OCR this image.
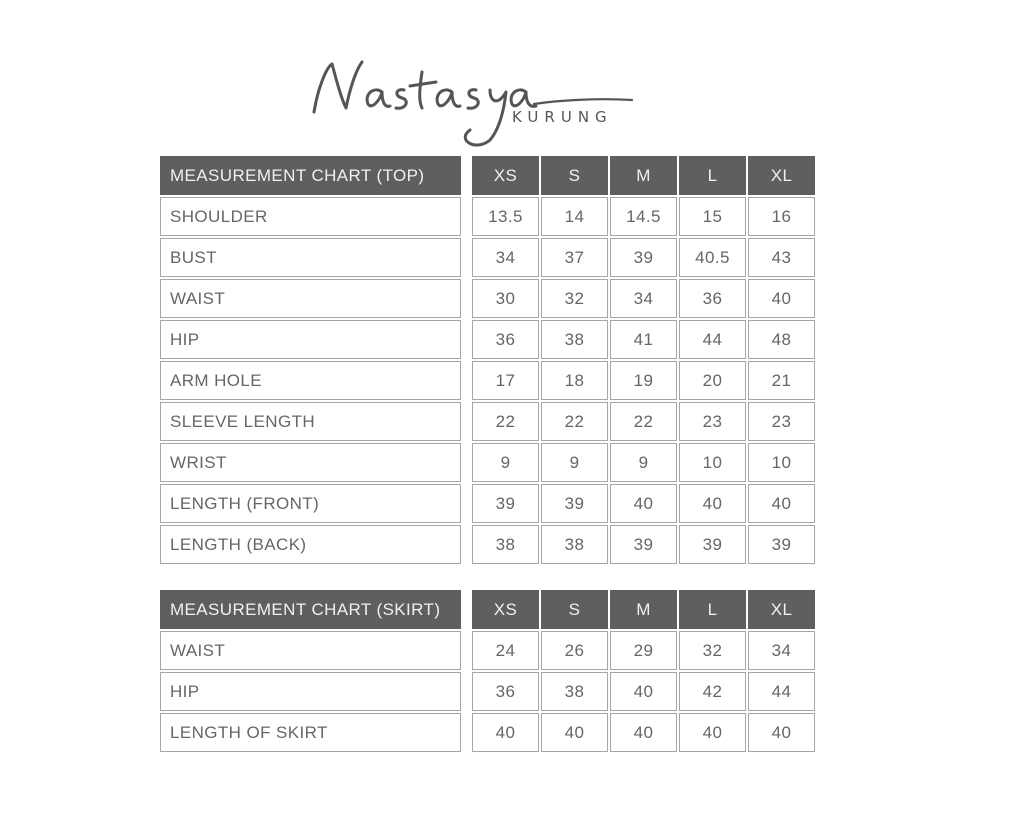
KURUNG
MEASUREMENT CHART (TOP)	XS	S	M	L	XL
SHOULDER	13.5	14	14.5	15	16
BUST	34	37	39	40.5	43
WAIST	30	32	34	36	40
HIP	36	38	41	44	48
ARM HOLE	17	18	19	20	21
SLEEVE LENGTH	22	22	22	23	23
WRIST	9	9	9	10	10
LENGTH (FRONT)	39	39	40	40	40
LENGTH (BACK)	38	38	39	39	39
MEASUREMENT CHART (SKIRT)	XS	S	M	L	XL
WAIST	24	26	29	32	34
HIP	36	38	40	42	44
LENGTH OF SKIRT	40	40	40	40	40
